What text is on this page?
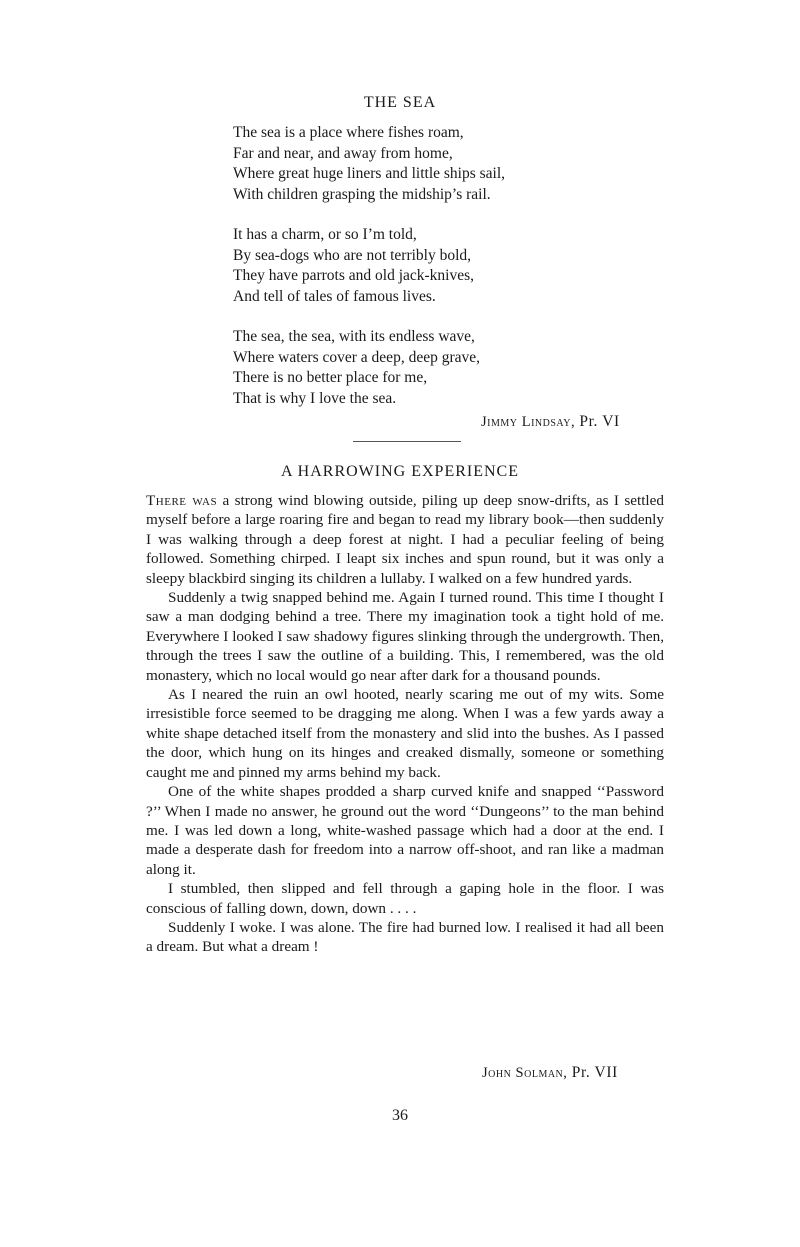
THE SEA
The sea is a place where fishes roam,
Far and near, and away from home,
Where great huge liners and little ships sail,
With children grasping the midship’s rail.
It has a charm, or so I’m told,
By sea-dogs who are not terribly bold,
They have parrots and old jack-knives,
And tell of tales of famous lives.
The sea, the sea, with its endless wave,
Where waters cover a deep, deep grave,
There is no better place for me,
That is why I love the sea.
Jimmy Lindsay, Pr. VI
A HARROWING EXPERIENCE

There was a strong wind blowing outside, piling up deep snow-drifts, as I settled myself before a large roaring fire and began to read my library book—then suddenly I was walking through a deep forest at night. I had a peculiar feeling of being followed. Something chirped. I leapt six inches and spun round, but it was only a sleepy blackbird singing its children a lullaby. I walked on a few hundred yards.

Suddenly a twig snapped behind me. Again I turned round. This time I thought I saw a man dodging behind a tree. There my imagination took a tight hold of me. Everywhere I looked I saw shadowy figures slinking through the undergrowth. Then, through the trees I saw the outline of a building. This, I remembered, was the old monastery, which no local would go near after dark for a thousand pounds.

As I neared the ruin an owl hooted, nearly scaring me out of my wits. Some irresistible force seemed to be dragging me along. When I was a few yards away a white shape detached itself from the monastery and slid into the bushes. As I passed the door, which hung on its hinges and creaked dismally, someone or something caught me and pinned my arms behind my back.

One of the white shapes prodded a sharp curved knife and snapped ‘‘Password ?’’ When I made no answer, he ground out the word ‘‘Dungeons’’ to the man behind me. I was led down a long, white-washed passage which had a door at the end. I made a desperate dash for freedom into a narrow off-shoot, and ran like a madman along it.

I stumbled, then slipped and fell through a gaping hole in the floor. I was conscious of falling down, down, down . . . .

Suddenly I woke. I was alone. The fire had burned low. I realised it had all been a dream. But what a dream !

John Solman, Pr. VII
36
